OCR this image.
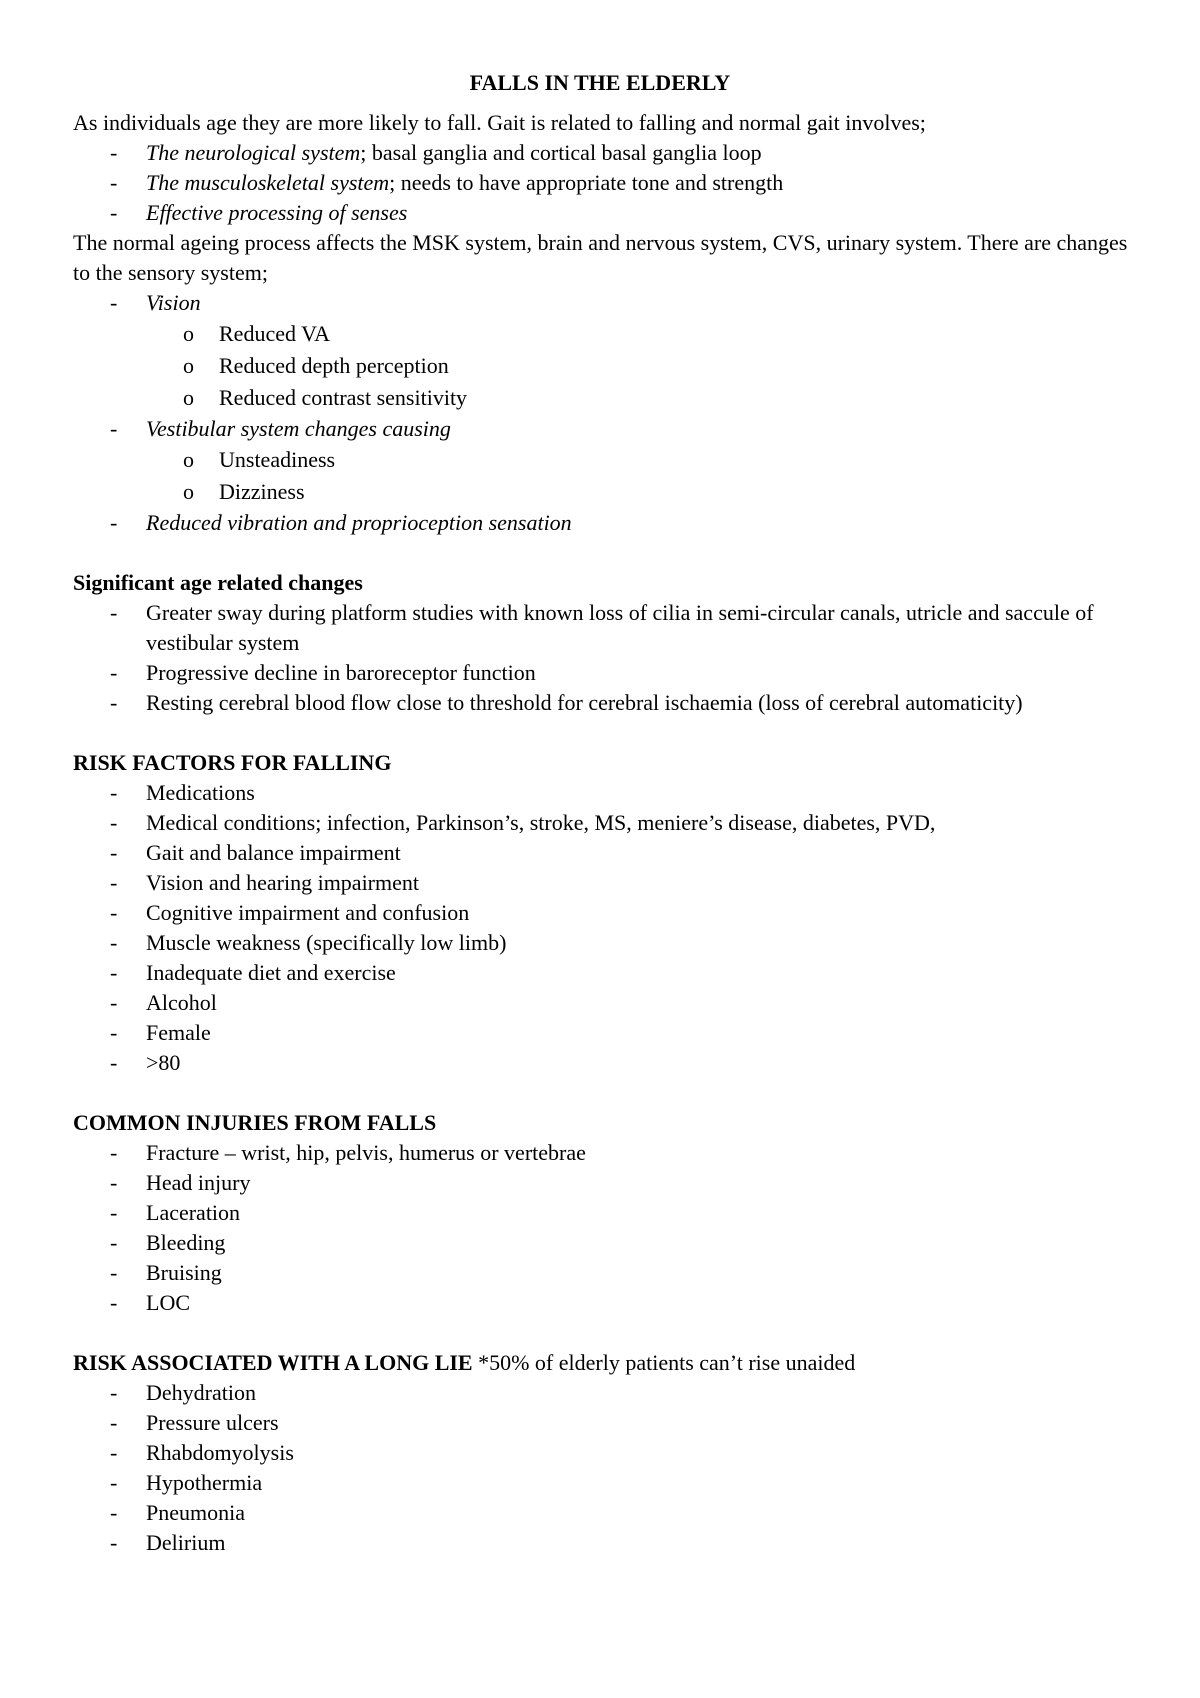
FALLS IN THE ELDERLY
As individuals age they are more likely to fall. Gait is related to falling and normal gait involves;
- The neurological system; basal ganglia and cortical basal ganglia loop
- The musculoskeletal system; needs to have appropriate tone and strength
- Effective processing of senses
The normal ageing process affects the MSK system, brain and nervous system, CVS, urinary system. There are changes to the sensory system;
- Vision
o Reduced VA
o Reduced depth perception
o Reduced contrast sensitivity
- Vestibular system changes causing
o Unsteadiness
o Dizziness
- Reduced vibration and proprioception sensation
Significant age related changes
- Greater sway during platform studies with known loss of cilia in semi-circular canals, utricle and saccule of vestibular system
- Progressive decline in baroreceptor function
- Resting cerebral blood flow close to threshold for cerebral ischaemia (loss of cerebral automaticity)
RISK FACTORS FOR FALLING
- Medications
- Medical conditions; infection, Parkinson’s, stroke, MS, meniere’s disease, diabetes, PVD,
- Gait and balance impairment
- Vision and hearing impairment
- Cognitive impairment and confusion
- Muscle weakness (specifically low limb)
- Inadequate diet and exercise
- Alcohol
- Female
- >80
COMMON INJURIES FROM FALLS
- Fracture – wrist, hip, pelvis, humerus or vertebrae
- Head injury
- Laceration
- Bleeding
- Bruising
- LOC
RISK ASSOCIATED WITH A LONG LIE *50% of elderly patients can’t rise unaided
- Dehydration
- Pressure ulcers
- Rhabdomyolysis
- Hypothermia
- Pneumonia
- Delirium
